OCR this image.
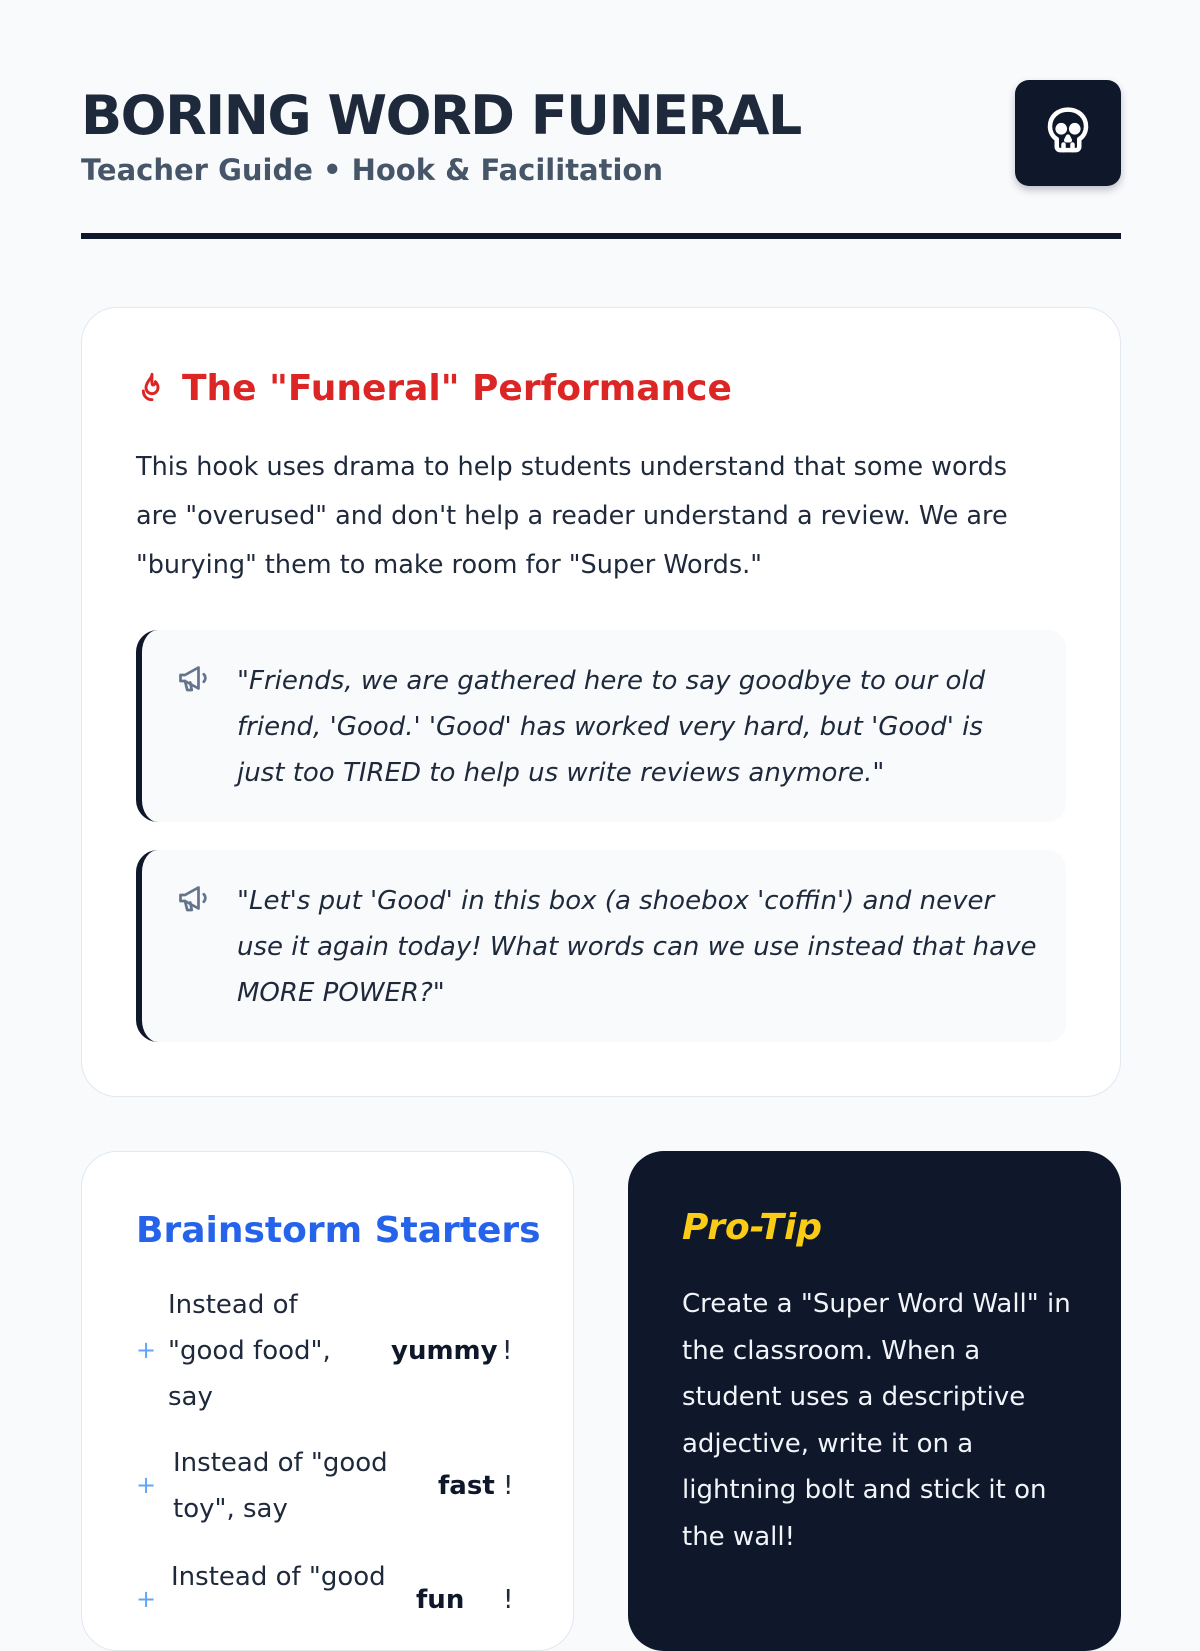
BORING WORD FUNERAL
Teacher Guide • Hook & Facilitation
The "Funeral" Performance

This hook uses drama to help students understand that some words are "overused" and don't help a reader understand a review. We are "burying" them to make room for "Super Words."

"Friends, we are gathered here to say goodbye to our old friend, 'Good.' 'Good' has worked very hard, but 'Good' is just too TIRED to help us write reviews anymore."

"Let's put 'Good' in this box (a shoebox 'coffin') and never use it again today! What words can we use instead that have MORE POWER?"

Brainstorm Starters
+
Instead of "good food", say
yummy !
+
Instead of "good toy", say
fast !
+
Instead of "good
fun !
Pro-Tip

Create a "Super Word Wall" in the classroom. When a student uses a descriptive adjective, write it on a lightning bolt and stick it on the wall!
